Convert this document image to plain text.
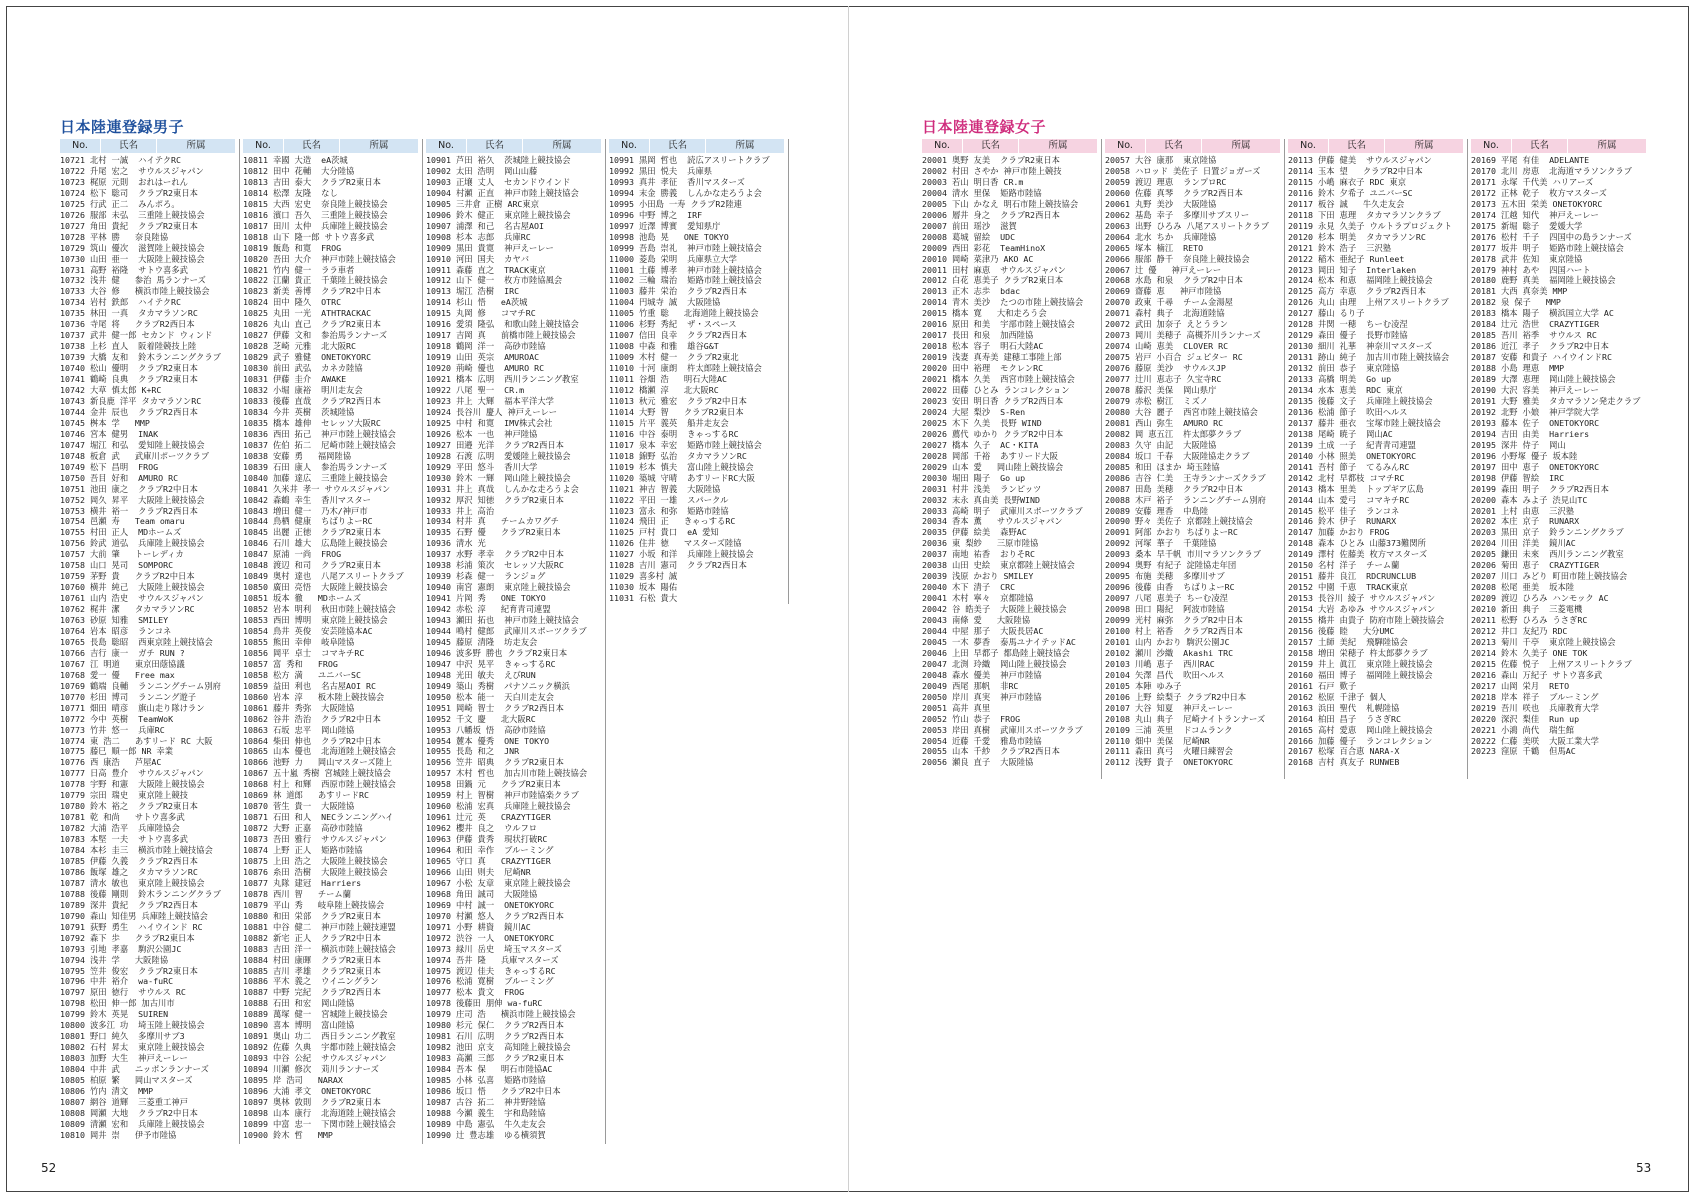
日本陸連登録男子	日本陸連登録女子
No.	氏名	所属
10721 北村 一誠  ハイテクRC
10722 升尾 宏之  サウルスジャパン
10723 梶原 元則  おれはーれん
10724 松下 聡司  クラブR2東日本
10725 行武 正二  みんポろ。
10726 服部 未弘  三重陸上競技協会
10727 角田 貴紀  クラブR2東日本
10728 平林 勝   奈良陸協
10729 筑山 優次  滋賀陸上競技協会
10730 山田 亜一  大阪陸上競技協会
10731 高野 裕隆  サトウ喜多武
10732 浅井 健   参治 馬ランナーズ
10733 大谷 修   横浜市陸上競技協会
10734 岩村 鉄郎  ハイテクRC
10735 林田 一真  タカマラソンRC
10736 寺尾 将   クラブR2西日本
10737 武井 健一郎 セカンド ウィンド
10738 上杉 直人  阪着陸競技上陸
10739 大橋 友和  鈴木ランニングクラブ
10740 松山 優明  クラブR2東日本
10741 鶴崎 良典  クラブR2東日本
10742 大草 慎太郎 K+RC
10743 新良鹿 洋平 タカマラソンRC
10744 金井 辰也  クラブR2西日本
10745 桝本 学   MMP
10746 宮本 健男  INAK
10747 堀江 和弘  愛知陸上競技協会
10748 板倉 武   武庫川ポーツクラブ
10749 松下 昌明  FROG
10750 吾目 好和  AMURO RC
10751 池田 康之  クラブR2中日本
10752 岡久 昇平  大阪陸上競技協会
10753 横井 裕一  クラブR2西日本
10754 邑瀬 寿   Team omaru
10755 村田 正人  MDホームズ
10756 鈴武 道弘  兵庫陸上競技協会
10757 大前 肇   トーレディカ
10758 山口 晃司  SOMPORC
10759 茅野 貴   クラブR2中日本
10760 横井 純己  大阪陸上競技協会
10761 山内 浩史  サウルスジャパン
10762 梶井 潔   タカマラソンRC
10763 砂原 知雅  SMILEY
10764 岩本 昭彦  ランコネ
10765 長島 聡昭  西東京陸上競技協会
10766 吉行 康一  ガチ RUN ?
10767 江 明道   東京田蔭協議
10768 愛一 優   Free max
10769 鶴端 良輔  ランニングチーム別府
10770 杉田 博司  ランニング遊子
10771 畑田 晴彦  旗山走り隊けラン
10772 今中 英樹  TeamWoK
10773 竹井 悠一  兵庫RC
10774 東 浩二   あすリード RC 大阪
10775 藤巳 順一郎 NR 幸業
10776 西 康浩   芦屋AC
10777 日高 豊介  サウルスジャパン
10778 宇野 和憲  大阪陸上競技協会
10779 宗田 瑞史  東京陸上競技
10780 鈴木 裕之  クラブR2東日本
10781 乾 和尚   サトウ喜多武
10782 大浦 浩平  兵庫陸協会
10783 本堅 一夫  サトウ喜多武
10784 本杉 圭三  横浜市陸上競技協会
10785 伊藤 久義  クラブR2西日本
10786 飯塚 雄之  タカマラソンRC
10787 清水 敏也  東京陸上競技協会
10788 後藤 剛則  鈴木ランニングクラブ
10789 深井 貴紀  クラブR2西日本
10790 森山 知佳男 兵庫陸上競技協会
10791 荻野 勇生  ハイウインド RC
10792 森下 歩   クラブR2東日本
10793 引地 孝嘉  駒沢公園JC
10794 浅井 学   大阪陸協
10795 笠井 俊宏  クラブR2東日本
10796 中井 裕介  wa-fuRC
10797 原田 徳行  サウルス RC
10798 松田 伸一郎 加古川市
10799 鈴木 英晃  SUIREN
10800 波多江 功  埼玉陸上競技協会
10801 野口 純久  多摩川サブ3
10802 石村 昇太  東京陸上競技協会
10803 加野 大生  神戸えーレー
10804 中井 武   ニッポンランナーズ
10805 柏原 繁   岡山マスターズ
10806 竹内 清文  MMP
10807 網谷 道輝  三菱重工神戸
10808 岡瀬 大地  クラブR2中日本
10809 清瀬 宏和  兵庫陸上競技協会
10810 岡井 崇   伊予市陸協
No.	氏名	所属
10811 幸國 大造  eA茨城
10812 田中 花輔  大分陸協
10813 吉田 泰大  クラブR2東日本
10814 松澤 友隆  なし
10815 大西 宏史  奈良陸上競技協会
10816 濱口 吾久  三重陸上競技協会
10817 田川 太仲  兵庫陸上競技協会
10818 山下 隆一郎 サトウ喜多武
10819 飯島 和寛  FROG
10820 吾田 大介  神戸市陸上競技協会
10821 竹内 健一  ララ車者
10822 江蘭 貴正  千葉陸上競技協会
10823 新美 善博  クラブR2中日本
10824 田中 隆久  OTRC
10825 丸田 一光  ATHTRACKAC
10826 丸山 直己  クラブR2東日本
10827 伊藤 文和  参治馬ランナーズ
10828 芝崎 元雅  北大阪RC
10829 武子 雅健  ONETOKYORC
10830 前田 武弘  カネカ陸協
10831 伊藤 圭介  AWAKE
10832 小堀 康裕  明川走友会
10833 後藤 直哉  クラブR2西日本
10834 今井 英樹  茨城陸協
10835 橋本 雄伸  セレッソ大阪RC
10836 西田 拓己  神戸市陸上競技協会
10837 佐伯 拓二  尼崎市陸上競技協会
10838 安藤 勇   福岡陸協
10839 石田 康人  参治馬ランナーズ
10840 加藤 達広  三重陸上競技協会
10841 久米井 孝一 サウルスジャパン
10842 森鶴 幸生  香川マスター
10843 増田 健一  乃木/神戸市
10844 鳥栖 健康  ちばりよーRC
10845 出麗 正徳  クラブR2東日本
10846 石川 雄大  広島陸上競技協会
10847 原浦 一尚  FROG
10848 渡辺 和司  クラブR2東日本
10849 奥村 達也  八尾アスリートクラブ
10850 廣田 亮悟  大阪陸上競技協会
10851 坂本 徹   MDホームズ
10852 岩本 明利  秋田市陸上競技協会
10853 西田 博明  東京陸上競技協会
10854 鳥井 英俊  安芸陸協本AC
10855 熊田 幸伸  岐阜陸協
10856 岡平 卓士  コマキチRC
10857 富 秀和   FROG
10858 松方 満   ユニバーSC
10859 益田 利也  名古屋AOI RC
10860 岩本 淳   板木陸上競技協会
10861 藤井 秀弥  大阪陸協
10862 谷井 浩治  クラブR2中日本
10863 石坂 忠平  岡山陸協
10864 柴田 伸也  クラブR2中日本
10865 山本 優也  北海道陸上競技協会
10866 池野 力   岡山マスターズ陸上
10867 五十嵐 秀樹 宮城陸上競技協会
10868 村上 和輝  西原市陸上競技協会
10869 林 道郎   あすリードRC
10870 菅生 貴一  大阪陸協
10871 石田 和人  NECランニングハイ
10872 大野 正嘉  高砂市陸協
10873 吾田 雅行  サウルスジャパン
10874 上野 正人  姫路市陸協
10875 上田 浩之  大阪陸上競技協会
10876 糸田 浩樹  大阪陸上競技協会
10877 丸隊 建冠  Harriers
10878 西川 智   チーム蘭
10879 平山 秀   岐阜陸上競技協会
10880 和田 栄部  クラブR2東日本
10881 中谷 健二  神戸市陸上競技連盟
10882 新宅 正人  クラブR2中日本
10883 吉田 洋一  横浜市陸上競技協会
10884 村田 康暉  クラブR2東日本
10885 吉川 孝雄  クラブR2東日本
10886 平木 義之  ウイニングラン
10887 中野 完紀  クラブR2西日本
10888 石田 和宏  岡山陸協
10889 萬塚 健一  宮城陸上競技協会
10890 喜本 博明  富山陸協
10891 奥山 功二  西日ランニング教室
10892 佐藤 久典  宇都市陸上競技協会
10893 中谷 公紀  サウルスジャパン
10894 川瀬 修次  苅川ランナーズ
10895 岸 浩司   NARAX
10896 大浦 孝文  ONETOKYORC
10897 奥林 敦則  クラブR2東日本
10898 山本 康行  北海道陸上競技協会
10899 中富 忠一  下関市陸上競技協会
10900 鈴木 哲   MMP
No.	氏名	所属
10901 芦田 裕久  茨城陸上競技協会
10902 太田 浩明  岡山山藤
10903 正壌 丈人  セカンドウインド
10904 村瀬 正直  神戸市陸上競技協会
10905 三井倉 正樹 ARC東京
10906 鈴木 健正  東京陸上競技協会
10907 浦澤 和己  名古屋AOI
10908 杉本 志郎  兵庫RC
10909 黒田 貴寛  神戸えーレー
10910 河田 国夫  カヤバ
10911 森藤 直之  TRACK東京
10912 山下 健一  枚方市陸協風会
10913 堀江 浩樹  IRC
10914 杉山 悟   eA茨城
10915 丸岡 修   コマチRC
10916 愛須 隆弘  和歌山陸上競技協会
10917 吉岡 真   前橋市陸上競技協会
10918 鶴岡 洋一  高砂市陸協
10919 山田 英宗  AMUROAC
10920 荊崎 優也  AMURO RC
10921 橋本 広明  西川ランニング教室
10922 八尾 聖一  CR.m
10923 井上 大輝  福本平洋大学
10924 長谷川 慶人 神戸えーレー
10925 中村 和寛  IMV株式会社
10926 松本 一也  神戸陸協
10927 田邉 光洋  クラブR2西日本
10928 石渡 広明  愛媛陸上競技協会
10929 平田 悠斗  香川大学
10930 鈴木 一輝  岡山陸上競技協会
10931 井上 真哉  しんかな走ろうよ会
10932 厚沢 知徳  クラブR2東日本
10933 井上 高治
10934 村井 真   チームカワグチ
10935 石野 優   クラブR2東日本
10936 清水 光
10937 水野 孝幸  クラブR2中日本
10938 杉浦 策次  セレッソ大阪RC
10939 杉森 健一  ランジョグ
10940 南宮 憲朗  東京陸上競技協会
10941 片岡 秀   ONE TOKYO
10942 赤松 淳   紀育青司連盟
10943 瀬田 拓也  神戸市陸上競技協会
10944 鳴村 健郎  武庫川スポーツクラブ
10945 藤原 清隆  坊走友会
10946 波多野 勝也 クラブR2東日本
10947 中沢 晃平  きゃっするRC
10948 光田 敏夫  えびRUN
10949 築山 秀樹  パナソニック横浜
10950 松本 能一  天白川走友会
10951 岡崎 智士  クラブR2西日本
10952 千文 慶   北大阪RC
10953 八幡坂 悟  高砂市陸協
10954 麓本 優秀  ONE TOKYO
10955 長島 和之  JNR
10956 笠井 昭典  クラブR2東日本
10957 木村 哲也  加古川市陸上競技協会
10958 田鍋 元   クラブR2東日本
10959 村上 智樹  神戸市陸協楽クラブ
10960 松浦 宏真  兵庫陸上競技協会
10961 辻元 英   CRAZYTIGER
10962 櫻井 良之  ウルフロ
10963 伊藤 貴秀  現状打破RC
10964 和田 幸作  ブルーミング
10965 守口 真   CRAZYTIGER
10966 山田 则夫  尼崎NR
10967 小松 友章  東京陸上競技協会
10968 角田 誠司  大阪陸協
10969 中村 誠一  ONETOKYORC
10970 村瀬 悠人  クラブR2西日本
10971 小野 耕資  鏡川AC
10972 渋谷 一人  ONETOKYORC
10973 緑川 岳史  埼玉マスターズ
10974 吾井 隆   兵庫マスターズ
10975 渡辺 佳夫  きゃっするRC
10976 松浦 寛樹  ブルーミング
10977 松本 貴文  FROG
10978 後藤田 朋伸 wa-fuRC
10979 庄司 浩   横浜市陸上競技協会
10980 杉元 保仁  クラブR2西日本
10981 石川 広明  クラブR2西日本
10982 池田 京支  高知陸上競技協会
10983 高瀬 三郎  クラブR2東日本
10984 吾本 保   明石市陸協AC
10985 小林 弘喜  姫路市陸協
10986 坂口 悟   クラブR2中日本
10987 古谷 拓二  神井野陸協
10988 今瀬 義生  宇和島陸協
10989 中島 憲弘  牛久走友会
10990 辻 豊志雄  ゆる横須賀
No.	氏名	所属
10991 黒岡 哲也  読広アスリートクラブ
10992 黒田 悦夫  兵庫県
10993 真井 孝征  香川マスターズ
10994 末金 勝義  しんかな走ろうよ会
10995 小田島 一寿 クラブR2陸連
10996 中野 博之  IRF
10997 近澤 博實  愛知県庁
10998 池島 晃   ONE TOKYO
10999 吾島 崇礼  神戸市陸上競技協会
11000 菱島 栄明  兵庫県立大学
11001 土藤 博孝  神戸市陸上競技協会
11002 三輪 瑞治  姫路市陸上競技協会
11003 藤井 栄治  クラブR2西日本
11004 円城寺 誠  大阪陸協
11005 竹重 聡   北海道陸上競技協会
11006 杉野 秀紀  ザ・スペース
11007 信田 良幸  クラブR2西日本
11008 中森 和雅  雄谷G&T
11009 木村 健一  クラブR2東北
11010 十河 康朗  杵太郎陸上競技協会
11011 谷畑 浩   明石大陸AC
11012 橋瀬 淳   北大阪RC
11013 秋元 雅宏  クラブR2中日本
11014 大野 智   クラブR2東日本
11015 片平 義英  船井走友会
11016 中谷 泰明  きゃっするRC
11017 泉本 幸宏  姫路市陸上競技協会
11018 錦野 弘治  タカマラソンRC
11019 杉本 慎夫  富山陸上競技協会
11020 築城 守晴  あすリードRC大阪
11021 神吉 智義  大阪陸協
11022 平田 一雄  スパークル
11023 富永 和弥  姫路市陸協
11024 飛田 正   きゃっするRC
11025 戸村 貴口  eA 愛知
11026 住井 徳   マスターズ陸協
11027 小坂 和洋  兵庫陸上競技協会
11028 吉川 憲司  クラブR2西日本
11029 喜多村 誠
11030 坂本 陽佑
11031 石松 貴大
No.	氏名	所属
20001 奥野 友美  クラブR2東日本
20002 村田 さやか 神戸市陸上競技
20003 若山 明日香 CR.m
20004 清水 里保  姫路市陸協
20005 下山 かなえ 明石市陸上競技協会
20006 層井 身之  クラブR2西日本
20007 前田 瑶沙  滋賀
20008 葛城 留絵  UDC
20009 西田 彩花  TeamHinoX
20010 岡崎 菜津乃 AKO AC
20011 田村 麻恵  サウルスジャパン
20012 白花 恵美子 クラブR2東日本
20013 正木 志歩  bdac
20014 青木 美沙  たつの市陸上競技協会
20015 橋本 寛   大和走ろう会
20016 原田 和美  宇部市陸上競技協会
20017 長田 和泉  加西陸協
20018 松本 容子  明石大陸AC
20019 浅妻 真寿美 建穂工事陸上部
20020 田中 裕理  モクレンRC
20021 橋本 久美  西宮市陸上競技協会
20022 田藤 ひとみ ランコレクション
20023 安田 明日香 クラブR2西日本
20024 大屋 梨沙  S-Ren
20025 木下 久美  長野 WIND
20026 薦代 ゆかり クラブR2中日本
20027 橋本 久子  AC・KITA
20028 岡部 千裕  あすリード大阪
20029 山本 愛   岡山陸上競技協会
20030 堀田 陽子  Go up
20031 村井 浅美  ランピッツ
20032 末永 真由美 長野WIND
20033 高崎 明子  武庫川スポーツクラブ
20034 香本 薫   サウルスジャパン
20035 伊藤 絵美  森野AC
20036 東 梨紗   三原市陸協
20037 南地 祐香  おりそRC
20038 山田 史絵  東京都陸上競技協会
20039 浅原 かおり SMILEY
20040 木下 清子  CRC
20041 木村 寧々  京都陸協
20042 谷 皓美子  大阪陸上競技協会
20043 南條 愛   大阪陸協
20044 中屋 那子  大阪長居AC
20045 一木 夢香  泰馬ユナイテッドAC
20046 上田 早都子 都島陸上競技協会
20047 北渕 玲織  岡山陸上競技協会
20048 森水 優美  神戸市陸協
20049 西尾 那帆  非RC
20050 岸川 真実  神戸市陸協
20051 高井 真里
20052 竹山 恭子  FROG
20053 岸田 真樹  武庫川スポーツクラブ
20054 近藤 千愛  雅島市陸協
20055 山本 千紗  クラブR2西日本
20056 瀬良 直子  大阪陸協
No.	氏名	所属
20057 大谷 康那  東京陸協
20058 ハロッド 美佐子 日置ジョガーズ
20059 渡辺 理恵  ランプロRC
20060 佐藤 真琴  クラブR2西日本
20061 丸野 美沙  大阪陸協
20062 基島 幸子  多摩川サブスリー
20063 出野 ひろみ 八尾アスリートクラブ
20064 北水 ちか  兵庫陸協
20065 塚本 楠江  RETO
20066 服部 静千  奈良陸上競技協会
20067 辻 優   神戸えーレー
20068 水島 和泉  クラブR2中日本
20069 齋藤 恵   神戸市陸協
20070 政東 千尋  チーム金湯屋
20071 森村 典子  北海道陸協
20072 武田 加奈子 えとうラン
20073 岡川 美穂子 高槻芥川ランナーズ
20074 山崎 恵美  CLOVER RC
20075 岩戸 小百合 ジュピター RC
20076 藤原 美沙  サウルスJP
20077 辻川 恵志子 久宝寺RC
20078 藤沢 美保  岡山県庁
20079 赤松 樹江  ミズノ
20080 大谷 麗子  西宮市陸上競技協会
20081 西山 弥生  AMURO RC
20082 岡 恵五江  杵太郎夢クラブ
20083 久守 由記  大阪陸協
20084 坂口 千春  大阪陸協走クラブ
20085 和田 ほまか 埼玉陸協
20086 吉谷 仁美  王寺ランナーズクラブ
20087 田島 美穂  クラブR2中日本
20088 木戸 裕子  ランニングチーム別府
20089 安藤 理香  中島陸
20090 野々 美佐子 京都陸上競技協会
20091 阿部 かおり ちばりよーRC
20092 河塚 華子  千葉陸協
20093 桑本 早千帆 市川マラソンクラブ
20094 奥野 有紀子 淀陸協走年団
20095 布施 美穂  多摩川サブ
20096 後藤 由香  ちばりよーRC
20097 八尾 恵美子 ちーむ凌涅
20098 田口 陽紀  阿波市陸協
20099 光村 麻弥  クラブR2中日本
20100 村上 裕香  クラブR2西日本
20101 山内 かおり 駒沢公園JC
20102 瀬川 沙織  Akashi TRC
20103 川嶋 恵子  西川RAC
20104 矢澤 昌代  吹田ヘルス
20105 本陣 ゆみ子
20106 上野 絵梨子 クラブR2中日本
20107 大谷 知夏  神戸えーレー
20108 丸山 典子  尼崎ナイトランナーズ
20109 三浦 英里  ドコムランク
20110 畑中 美保  尼崎NR
20111 森田 真弓  火曜日練習会
20112 浅野 貴子  ONETOKYORC
No.	氏名	所属
20113 伊藤 健美  サウルスジャパン
20114 玉本 望   クラブR2中日本
20115 小嶋 麻衣子 RDC 東京
20116 鈴木 夕希子 ユニバーSC
20117 板谷 誠   牛久走友会
20118 下田 恵理  タカマラソンクラブ
20119 永見 久美子 ウルトラプロジェクト
20120 杉本 明美  タカマラソンRC
20121 鈴木 浩子  三沢塾
20122 稲木 亜紀子 Runleet
20123 岡田 知子  Interlaken
20124 松本 和恵  福岡陸上競技協会
20125 高方 幸恵  クラブR2西日本
20126 丸山 由理  上州アスリートクラブ
20127 藤山 るり子
20128 井関 一穂  ちーむ凌涅
20129 森田 優子  長野市陸協
20130 細川 礼華  神奈川マスターズ
20131 跡山 純子  加古川市陸上競技協会
20132 前田 恭子  東京陸協
20133 高橋 明美  Go up
20134 水本 恵美  RDC 東京
20135 後藤 文子  兵庫陸上競技協会
20136 松浦 節子  吹田ヘルス
20137 藤井 亜衣  宝塚市陸上競技協会
20138 尾崎 暁子  岡山AC
20139 土成 一子  紀青青司連盟
20140 小林 照美  ONETOKYORC
20141 吾村 節子  てるみんRC
20142 北村 早都枝 コマチRC
20143 橋本 里美  トップギア広島
20144 山本 愛弓  コマキチRC
20145 松平 佳子  ランコネ
20146 鈴木 伊子  RUNARX
20147 加藤 かおり FROG
20148 森本 ひとみ 山藤373難関所
20149 澤村 佐藤美 枚方マスターズ
20150 名村 洋子  チーム蘭
20151 藤井 良江  RDCRUNCLUB
20152 中園 千恵  TRACK東京
20153 長谷川 綾子 サウルスジャパン
20154 大岩 あゆみ サウルスジャパン
20155 橋井 由貴子 防府市陸上競技協会
20156 後藤 睦   大分UMC
20157 土師 美紀  飛騨陸協会
20158 増田 栄穂子 杵太郎夢クラブ
20159 井上 眞江  東京陸上競技協会
20160 福田 博子  福岡陸上競技協会
20161 石戸 歎子
20162 松原 千津子 個人
20163 浜田 聖代  札幌陸協
20164 柏田 昌子  うさぎRC
20165 高村 愛恵  岡山陸上競技協会
20166 加藤 優子  ランコレクション
20167 松塚 百合恵 NARA-X
20168 吉村 真友子 RUNWEB
No.	氏名	所属
20169 平尾 有佳  ADELANTE
20170 北川 房恵  北海道マラソンクラブ
20171 永塚 千代美 ハリアーズ
20172 正林 乾子  枚方マスターズ
20173 五木田 栄美 ONETOKYORC
20174 江越 知代  神戸えーレー
20175 新堀 聡子  愛媛大学
20176 松村 千子  四国中の島ランナーズ
20177 坂井 明子  姫路市陸上競技協会
20178 武井 佐知  東京陸協
20179 神村 あや  四国ハート
20180 鹿野 真美  福岡陸上競技協会
20181 大西 真奈美 MMP
20182 泉 保子   MMP
20183 橋本 陽子  横浜国立大学 AC
20184 辻元 浩世  CRAZYTIGER
20185 吾川 裕季  サウルス RC
20186 近江 孝子  クラブR2中日本
20187 安藤 和貴子 ハイウインドRC
20188 小島 理恵  MMP
20189 大澤 恵理  岡山陸上競技協会
20190 大沢 容美  神戸えーレー
20191 大野 雅美  タカマラソン発走クラブ
20192 北野 小娘  神戸学院大学
20193 藤本 佐子  ONETOKYORC
20194 吉田 由美  Harriers
20195 深井 侍子  岡山
20196 小野塚 優子 坂本陸
20197 田中 恵子  ONETOKYORC
20198 伊藤 智絵  IRC
20199 森田 明子  クラブR2西日本
20200 森本 みよ子 渋見山TC
20201 上村 由恵  三沢塾
20202 本庄 京子  RUNARX
20203 黒田 京子  鈴ランニングクラブ
20204 川田 洋美  鏡川AC
20205 鎌田 未來  西川ランニング教室
20206 菊田 恵子  CRAZYTIGER
20207 川口 みどり 町田市陸上競技協会
20208 松尾 亜美  坂本陸
20209 渡辺 ひろみ ハンモック AC
20210 新田 典子  三菱電機
20211 松野 ひろみ うさぎRC
20212 井口 友紀乃 RDC
20213 菊川 千亭  東京陸上競技協会
20214 鈴木 久美子 ONE TOK
20215 佐藤 悦子  上州アスリートクラブ
20216 森山 万紀子 サトウ喜多武
20217 山岡 栄月  RETO
20218 岸本 祥子  ブルーミング
20219 吾川 咲也  兵庫教育大学
20220 深沢 梨佳  Run up
20221 小鴻 尚代  瑞生館
20222 仁藤 美咲  大阪工業大学
20223 窪原 千鶴  但馬AC
52	53
